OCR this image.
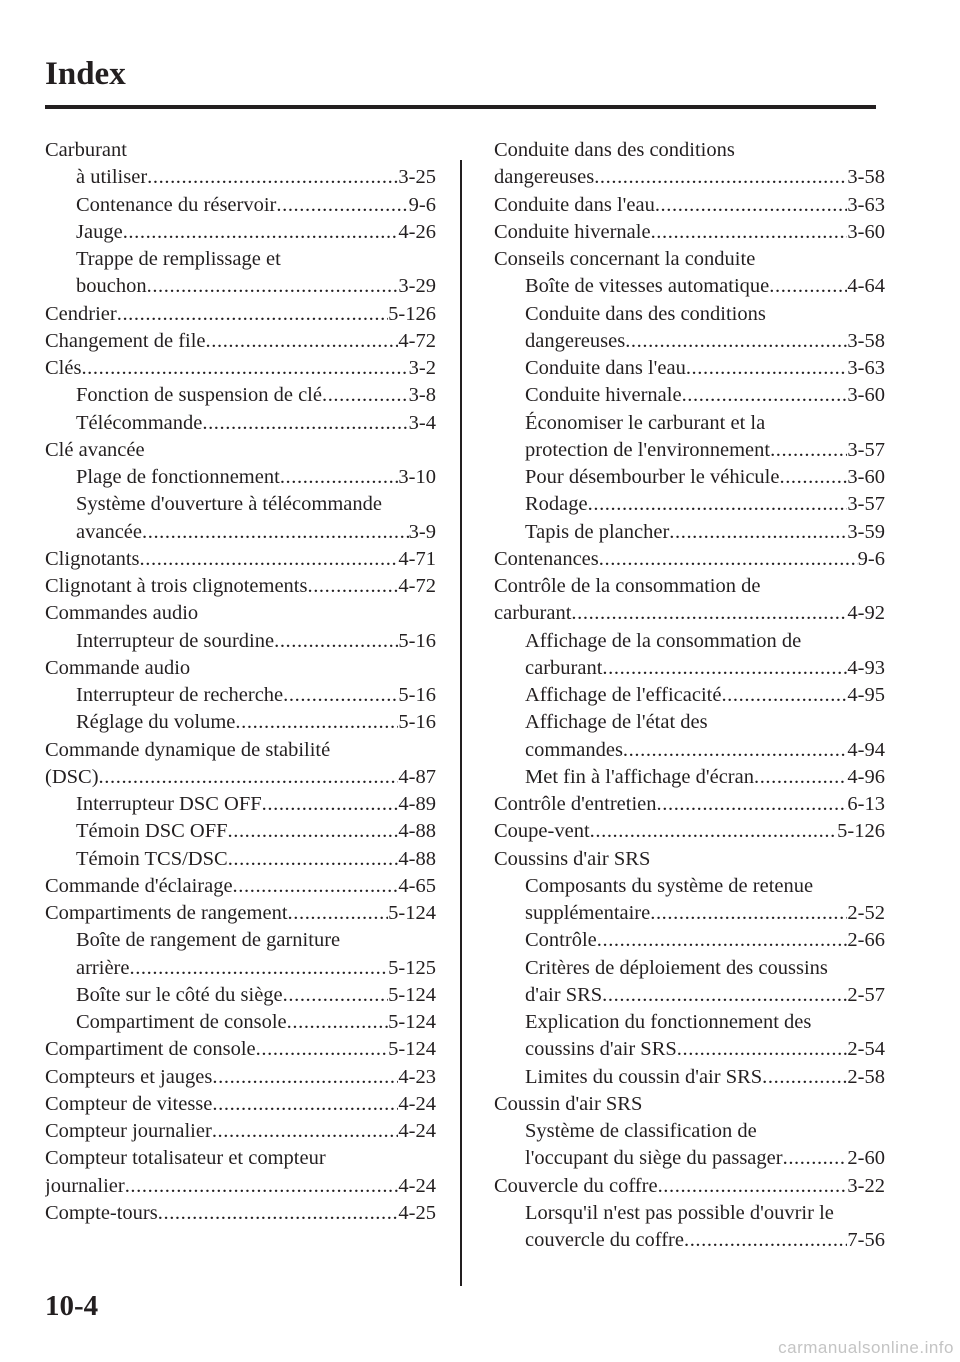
Index
Carburant
à utiliser .....	3-25
Contenance du réservoir .....	9-6
Jauge .....	4-26
Trappe de remplissage et
bouchon .....	3-29
Cendrier .....	5-126
Changement de file .....	4-72
Clés .....	3-2
Fonction de suspension de clé .....	3-8
Télécommande .....	3-4
Clé avancée
Plage de fonctionnement .....	3-10
Système d'ouverture à télécommande
avancée .....	3-9
Clignotants .....	4-71
Clignotant à trois clignotements .....	4-72
Commandes audio
Interrupteur de sourdine .....	5-16
Commande audio
Interrupteur de recherche .....	5-16
Réglage du volume .....	5-16
Commande dynamique de stabilité
(DSC) .....	4-87
Interrupteur DSC OFF .....	4-89
Témoin DSC OFF .....	4-88
Témoin TCS/DSC .....	4-88
Commande d'éclairage .....	4-65
Compartiments de rangement .....	5-124
Boîte de rangement de garniture
arrière .....	5-125
Boîte sur le côté du siège .....	5-124
Compartiment de console .....	5-124
Compartiment de console .....	5-124
Compteurs et jauges .....	4-23
Compteur de vitesse .....	4-24
Compteur journalier .....	4-24
Compteur totalisateur et compteur
journalier .....	4-24
Compte-tours .....	4-25
Conduite dans des conditions
dangereuses .....	3-58
Conduite dans l'eau .....	3-63
Conduite hivernale .....	3-60
Conseils concernant la conduite
Boîte de vitesses automatique .....	4-64
Conduite dans des conditions
dangereuses .....	3-58
Conduite dans l'eau .....	3-63
Conduite hivernale .....	3-60
Économiser le carburant et la
protection de l'environnement .....	3-57
Pour désembourber le véhicule .....	3-60
Rodage .....	3-57
Tapis de plancher .....	3-59
Contenances .....	9-6
Contrôle de la consommation de
carburant .....	4-92
Affichage de la consommation de
carburant .....	4-93
Affichage de l'efficacité .....	4-95
Affichage de l'état des
commandes .....	4-94
Met fin à l'affichage d'écran .....	4-96
Contrôle d'entretien .....	6-13
Coupe-vent .....	5-126
Coussins d'air SRS
Composants du système de retenue
supplémentaire .....	2-52
Contrôle .....	2-66
Critères de déploiement des coussins
d'air SRS .....	2-57
Explication du fonctionnement des
coussins d'air SRS .....	2-54
Limites du coussin d'air SRS .....	2-58
Coussin d'air SRS
Système de classification de
l'occupant du siège du passager .....	2-60
Couvercle du coffre .....	3-22
Lorsqu'il n'est pas possible d'ouvrir le
couvercle du coffre .....	7-56
10-4
carmanualsonline.info
